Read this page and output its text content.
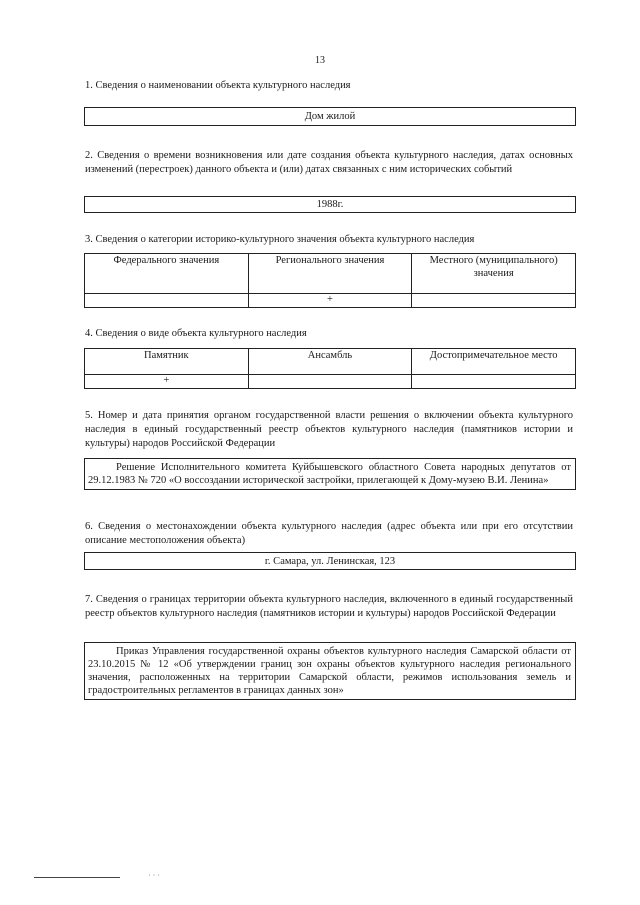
13
1. Сведения о наименовании объекта культурного наследия
Дом жилой
2. Сведения о времени возникновения или дате создания объекта культурного наследия, датах основных изменений (перестроек) данного объекта и (или) датах связанных с ним исторических событий
1988г.
3. Сведения о категории историко-культурного значения объекта культурного наследия
Федерального значения	Регионального значения	Местного (муниципального) значения
	+	
4. Сведения о виде объекта культурного наследия
Памятник	Ансамбль	Достопримечательное место
+		
5. Номер и дата принятия органом государственной власти решения о включении объекта культурного наследия в единый государственный реестр объектов культурного наследия (памятников истории и культуры) народов Российской Федерации
Решение Исполнительного комитета Куйбышевского областного Совета народных депутатов от 29.12.1983 № 720 «О воссоздании исторической застройки, прилегающей к Дому-музею В.И. Ленина»
6. Сведения о местонахождении объекта культурного наследия (адрес объекта или при его отсутствии описание местоположения объекта)
г. Самара, ул. Ленинская, 123
7. Сведения о границах территории объекта культурного наследия, включенного в единый государственный реестр объектов культурного наследия (памятников истории и культуры) народов Российской Федерации
Приказ Управления государственной охраны объектов культурного наследия Самарской области от 23.10.2015 № 12 «Об утверждении границ зон охраны объектов культурного наследия регионального значения, расположенных на территории Самарской области, режимов использования земель и градостроительных регламентов в границах данных зон»
· · ·
